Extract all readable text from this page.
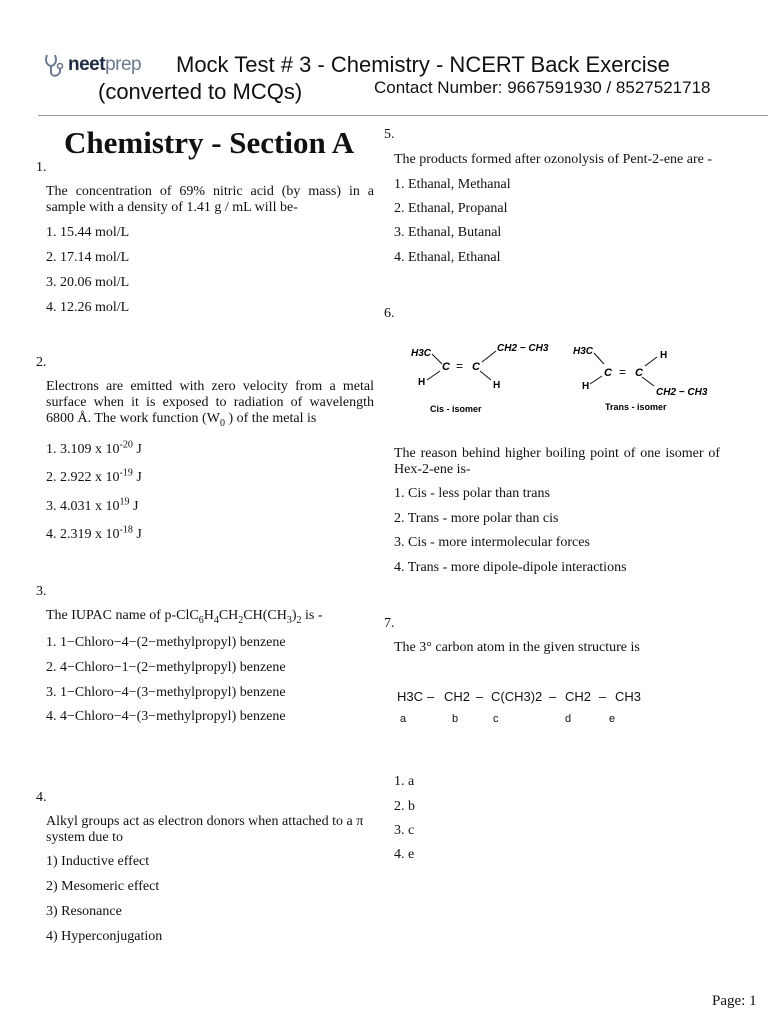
neetprep Mock Test # 3 - Chemistry - NCERT Back Exercise
(converted to MCQs)	Contact Number: 9667591930 / 8527521718
Chemistry - Section A
1.
The concentration of 69% nitric acid (by mass) in a sample with a density of 1.41 g / mL will be-
1. 15.44 mol/L
2. 17.14 mol/L
3. 20.06 mol/L
4. 12.26 mol/L
2.
Electrons are emitted with zero velocity from a metal surface when it is exposed to radiation of wavelength 6800 Å. The work function ($W_0$ ) of the metal is
1. 3.109 x $10^{-20}$ J
2. 2.922 x $10^{-19}$ J
3. 4.031 x $10^{19}$ J
4. 2.319 x $10^{-18}$ J
3.
The IUPAC name of $p-ClC_6H_4CH_2CH(CH_3)_2$ is -
1. 1−Chloro−4−(2−methylpropyl) benzene
2. 4−Chloro−1−(2−methylpropyl) benzene
3. 1−Chloro−4−(3−methylpropyl) benzene
4. 4−Chloro−4−(3−methylpropyl) benzene
4.
Alkyl groups act as electron donors when attached to a π system due to
1) Inductive effect
2) Mesomeric effect
3) Resonance
4) Hyperconjugation
5.
The products formed after ozonolysis of Pent-2-ene are -
1. Ethanal, Methanal
2. Ethanal, Propanal
3. Ethanal, Butanal
4. Ethanal, Ethanal
6.
H3C
C = C
CH2 − CH3
H	H
Cis - isomer
H3C
C = C
H
H
CH2 − CH3
Trans - isomer
The reason behind higher boiling point of one isomer of Hex-2-ene is-
1. Cis - less polar than trans
2. Trans - more polar than cis
3. Cis - more intermolecular forces
4. Trans - more dipole-dipole interactions
7.
The 3° carbon atom in the given structure is
H3C – CH2 – C(CH3)2 – CH2 – CH3
a	b	c	d	e
1. a
2. b
3. c
4. e
Page: 1
